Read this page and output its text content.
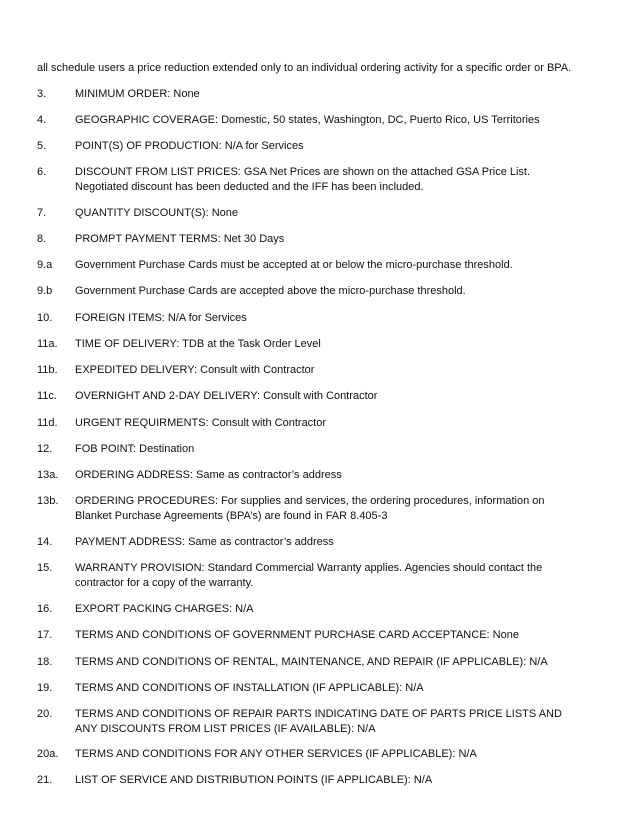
all schedule users a price reduction extended only to an individual ordering activity for a specific order or BPA.
3.	MINIMUM ORDER: None
4.	GEOGRAPHIC COVERAGE: Domestic, 50 states, Washington, DC, Puerto Rico, US Territories
5.	POINT(S) OF PRODUCTION: N/A for Services
6.	DISCOUNT FROM LIST PRICES: GSA Net Prices are shown on the attached GSA Price List.
Negotiated discount has been deducted and the IFF has been included.
7.	QUANTITY DISCOUNT(S): None
8.	PROMPT PAYMENT TERMS: Net 30 Days
9.a	Government Purchase Cards must be accepted at or below the micro-purchase threshold.
9.b	Government Purchase Cards are accepted above the micro-purchase threshold.
10.	FOREIGN ITEMS: N/A for Services
11a.	TIME OF DELIVERY: TDB at the Task Order Level
11b.	EXPEDITED DELIVERY: Consult with Contractor
11c.	OVERNIGHT AND 2-DAY DELIVERY: Consult with Contractor
11d.	URGENT REQUIRMENTS: Consult with Contractor
12.	FOB POINT: Destination
13a.	ORDERING ADDRESS: Same as contractor’s address
13b.	ORDERING PROCEDURES: For supplies and services, the ordering procedures, information on
Blanket Purchase Agreements (BPA’s) are found in FAR 8.405-3
14.	PAYMENT ADDRESS: Same as contractor’s address
15.	WARRANTY PROVISION: Standard Commercial Warranty applies. Agencies should contact the
contractor for a copy of the warranty.
16.	EXPORT PACKING CHARGES: N/A
17.	TERMS AND CONDITIONS OF GOVERNMENT PURCHASE CARD ACCEPTANCE: None
18.	TERMS AND CONDITIONS OF RENTAL, MAINTENANCE, AND REPAIR (IF APPLICABLE): N/A
19.	TERMS AND CONDITIONS OF INSTALLATION (IF APPLICABLE): N/A
20.	TERMS AND CONDITIONS OF REPAIR PARTS INDICATING DATE OF PARTS PRICE LISTS AND
ANY DISCOUNTS FROM LIST PRICES (IF AVAILABLE): N/A
20a.	TERMS AND CONDITIONS FOR ANY OTHER SERVICES (IF APPLICABLE): N/A
21.	LIST OF SERVICE AND DISTRIBUTION POINTS (IF APPLICABLE): N/A
